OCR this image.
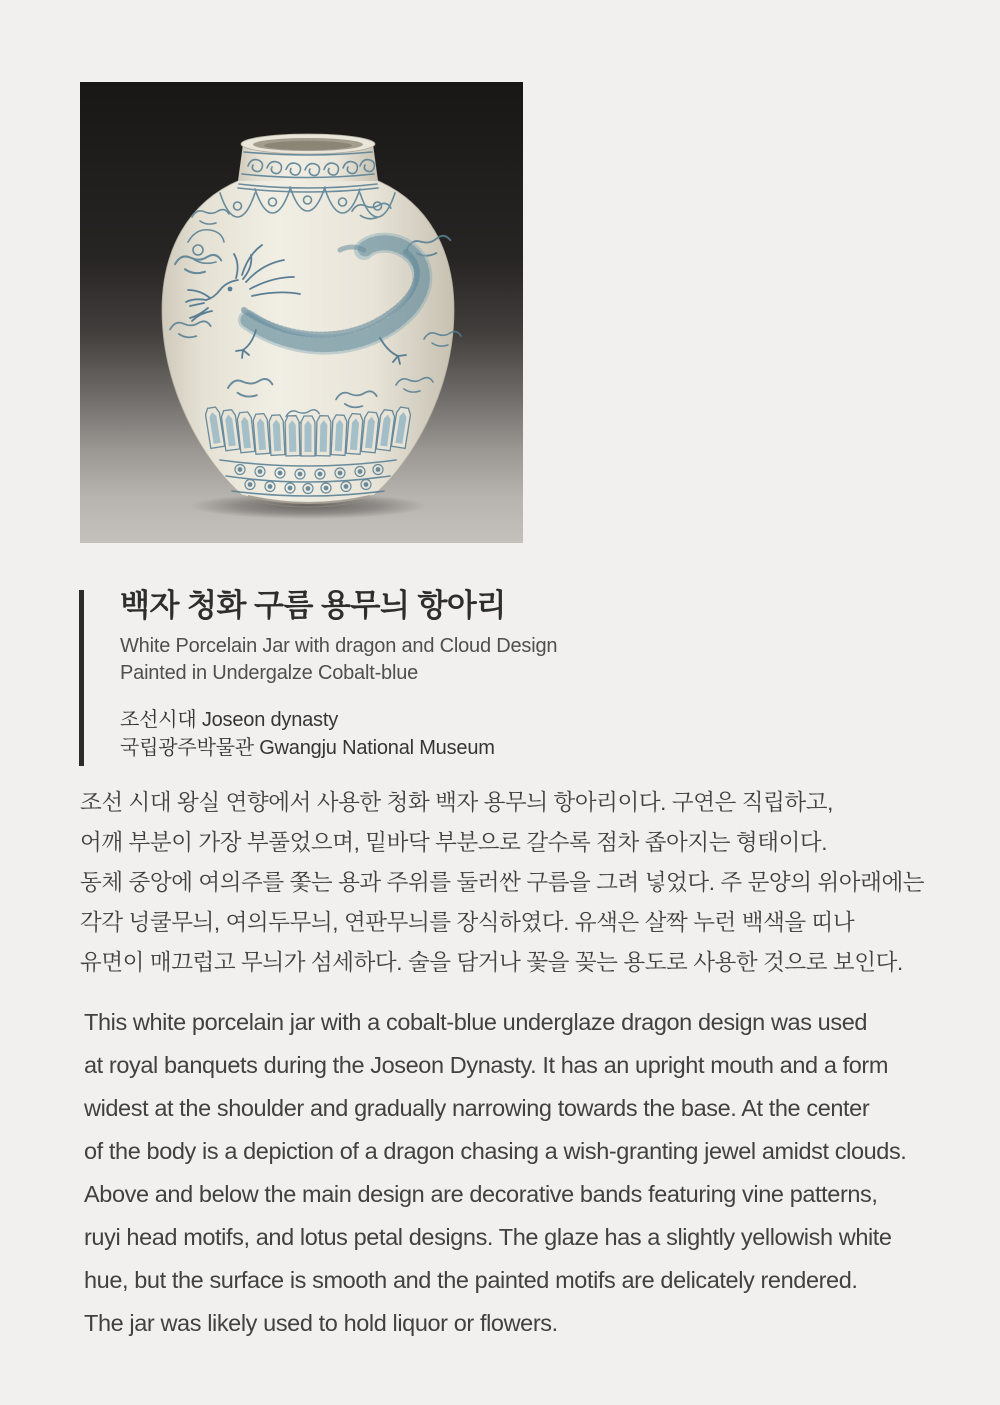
백자 청화 구름 용무늬 항아리

White Porcelain Jar with dragon and Cloud Design
Painted in Undergalze Cobalt-blue

조선시대 Joseon dynasty
국립광주박물관 Gwangju National Museum

조선 시대 왕실 연향에서 사용한 청화 백자 용무늬 항아리이다. 구연은 직립하고,
어깨 부분이 가장 부풀었으며, 밑바닥 부분으로 갈수록 점차 좁아지는 형태이다.
동체 중앙에 여의주를 쫓는 용과 주위를 둘러싼 구름을 그려 넣었다. 주 문양의 위아래에는
각각 넝쿨무늬, 여의두무늬, 연판무늬를 장식하였다. 유색은 살짝 누런 백색을 띠나
유면이 매끄럽고 무늬가 섬세하다. 술을 담거나 꽃을 꽂는 용도로 사용한 것으로 보인다.
This white porcelain jar with a cobalt-blue underglaze dragon design was used
at royal banquets during the Joseon Dynasty. It has an upright mouth and a form
widest at the shoulder and gradually narrowing towards the base. At the center
of the body is a depiction of a dragon chasing a wish-granting jewel amidst clouds.
Above and below the main design are decorative bands featuring vine patterns,
ruyi head motifs, and lotus petal designs. The glaze has a slightly yellowish white
hue, but the surface is smooth and the painted motifs are delicately rendered.
The jar was likely used to hold liquor or flowers.
